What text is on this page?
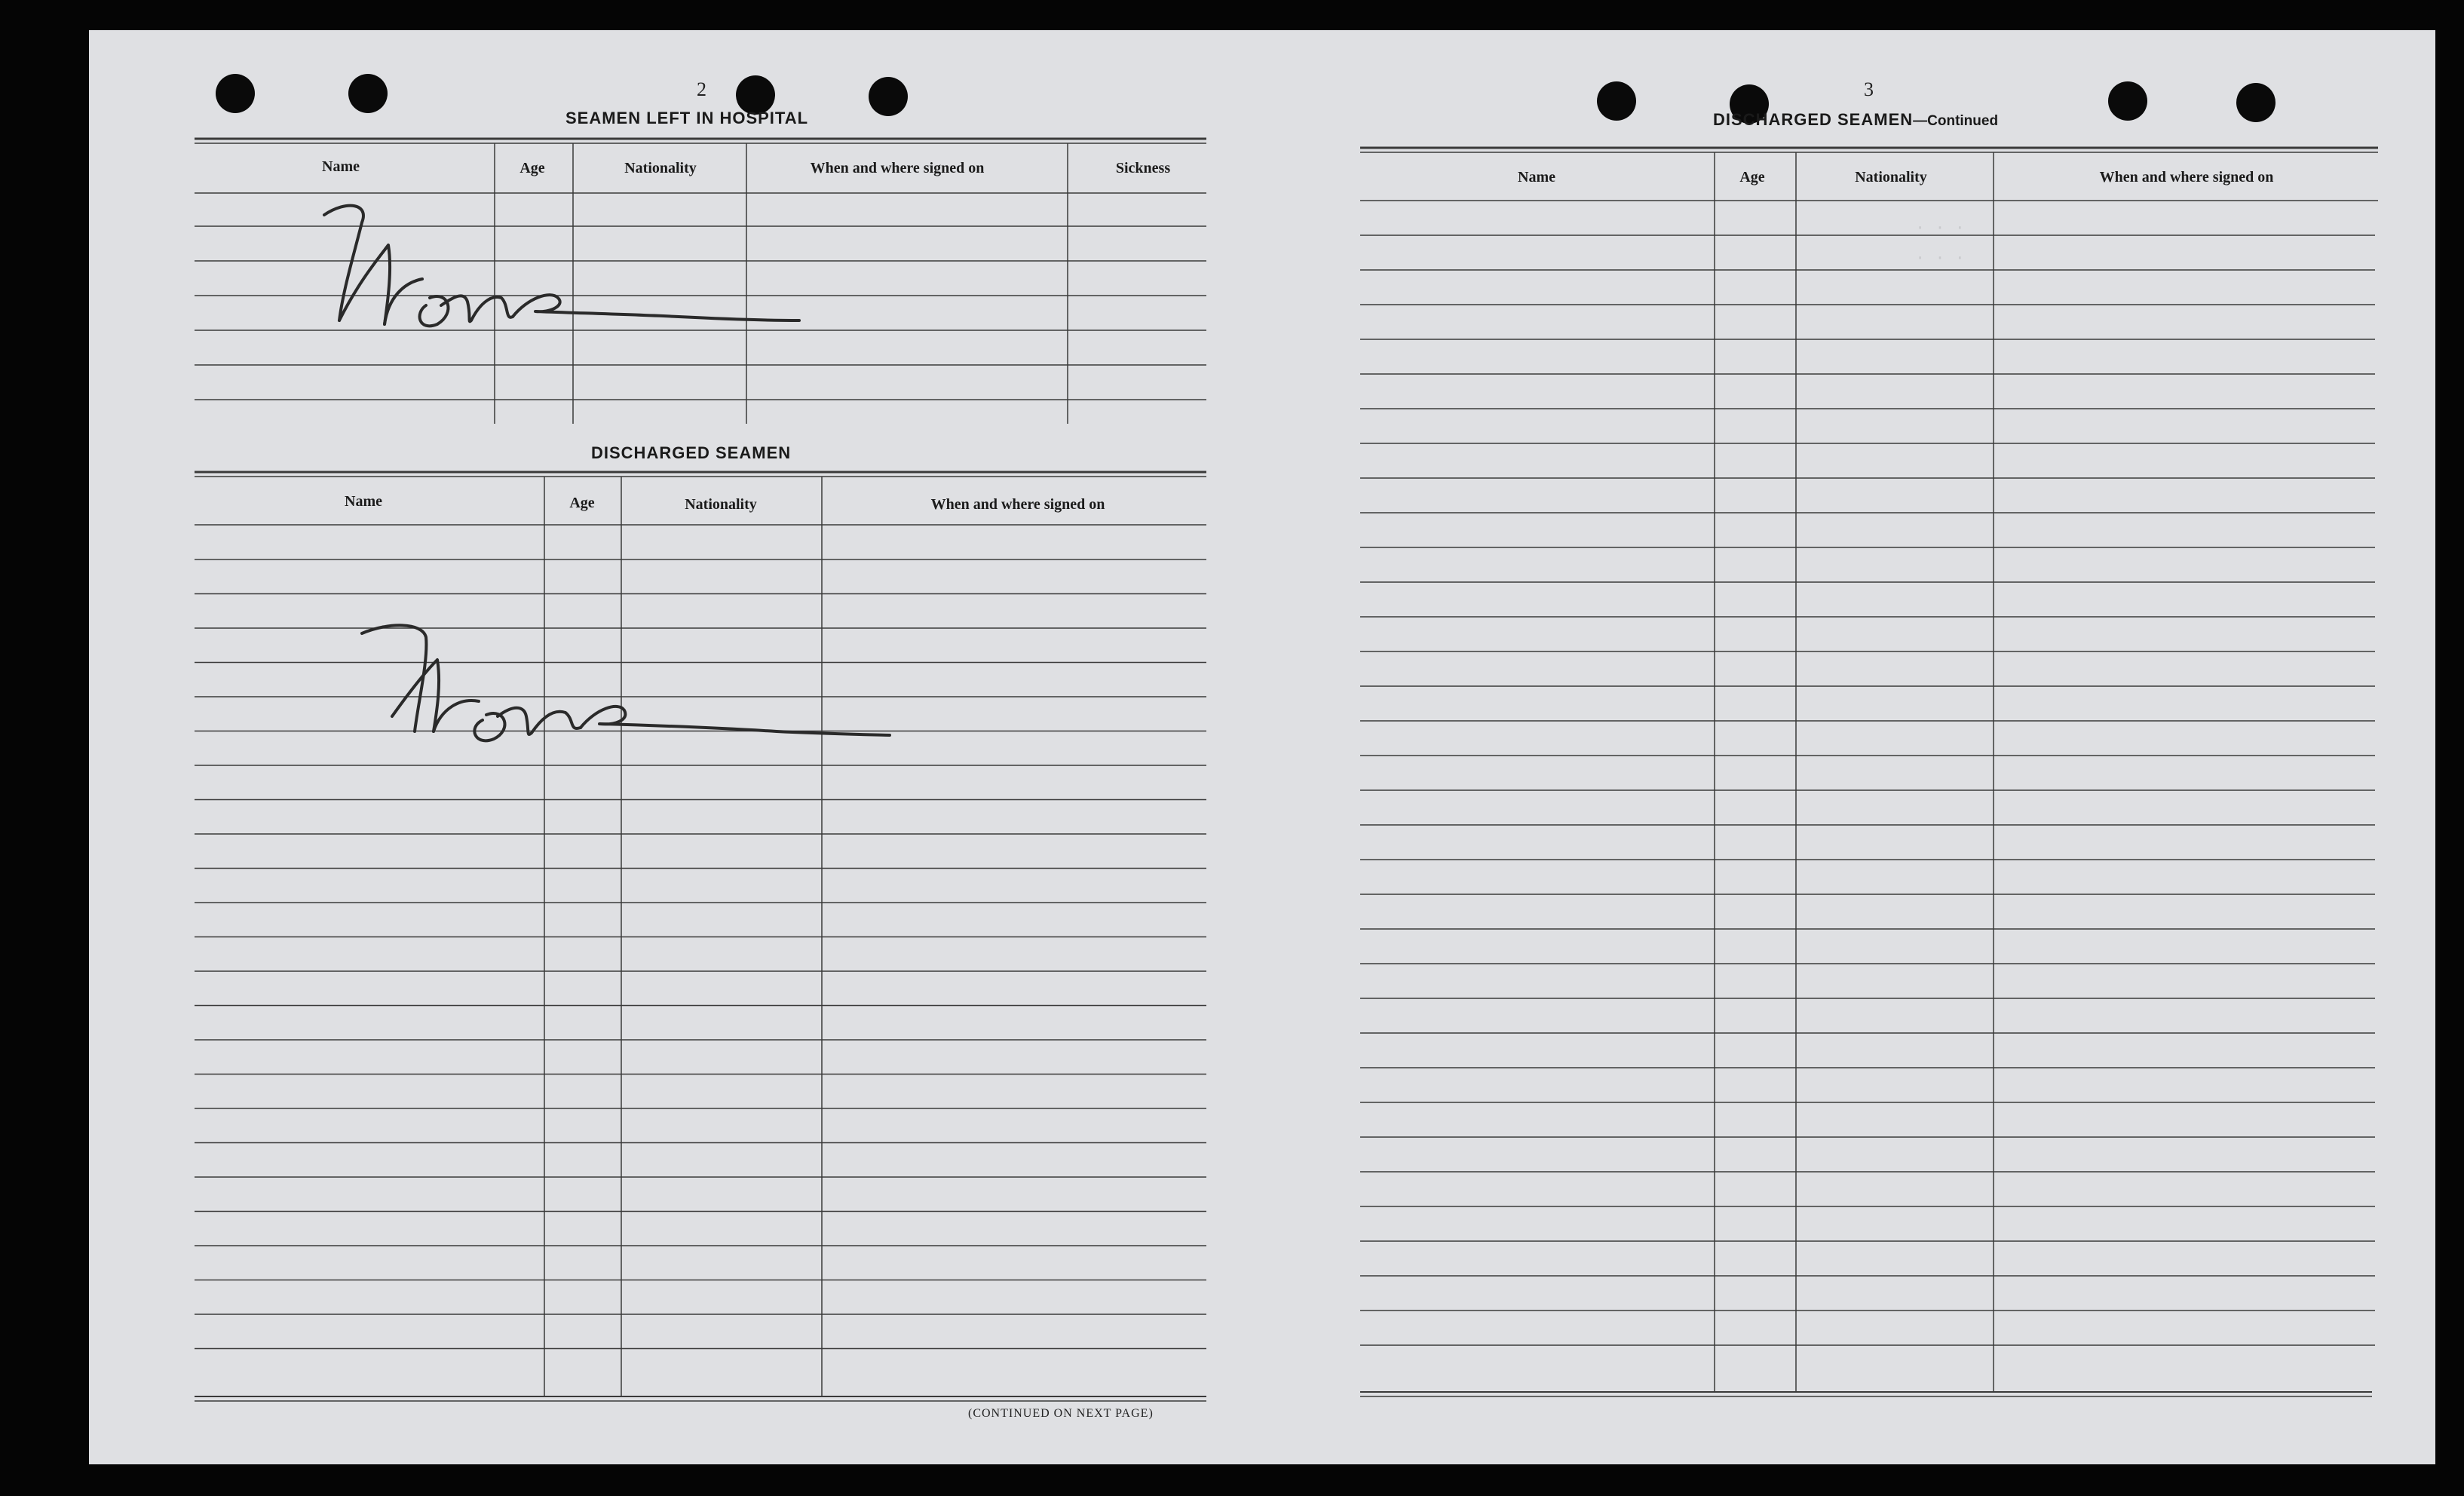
· · ·
· · ·
2
SEAMEN LEFT IN HOSPITAL
Name	Age	Nationality	When and where signed on	Sickness
DISCHARGED SEAMEN
Name	Age	Nationality	When and where signed on
(CONTINUED ON NEXT PAGE)
3
DISCHARGED SEAMEN—Continued
Name	Age	Nationality	When and where signed on
